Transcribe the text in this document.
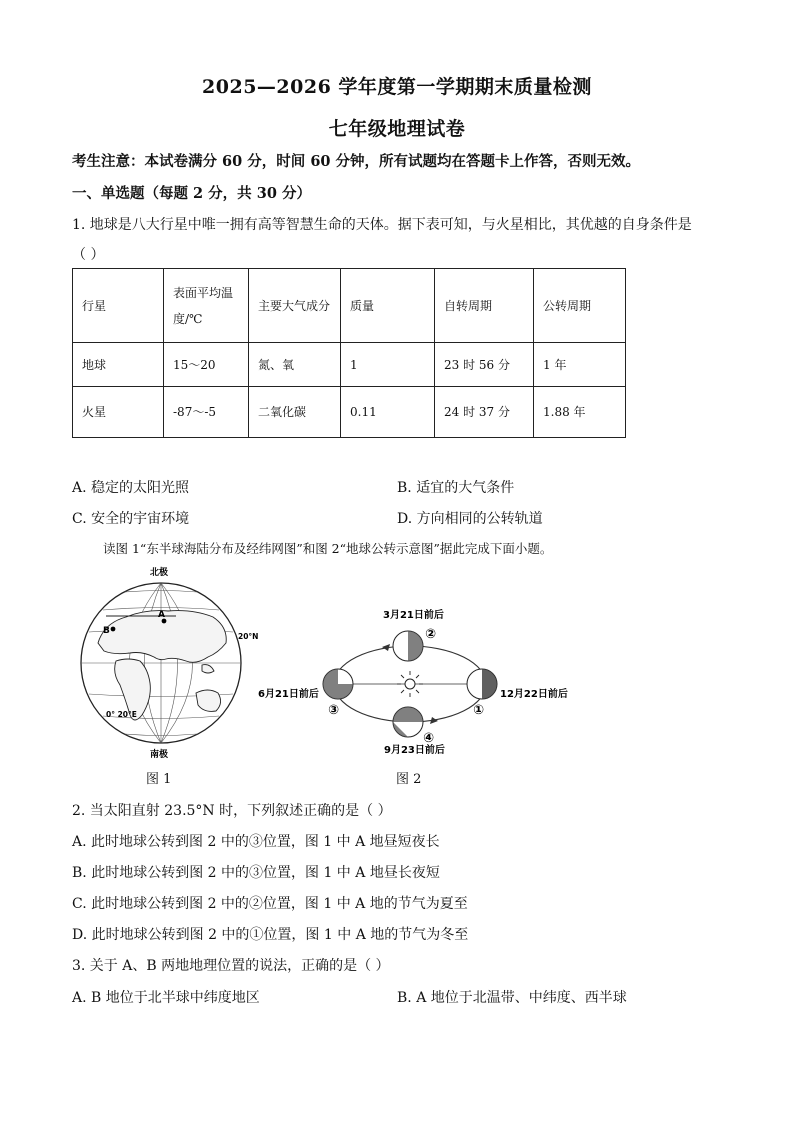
2025—2026 学年度第一学期期末质量检测
七年级地理试卷
考生注意：本试卷满分 60 分，时间 60 分钟，所有试题均在答题卡上作答，否则无效。
一、单选题（每题 2 分，共 30 分）
1. 地球是八大行星中唯一拥有高等智慧生命的天体。据下表可知，与火星相比，其优越的自身条件是
（ ）
行星	表面平均温度/℃	主要大气成分	质量	自转周期	公转周期
地球	15～20	氮、氧	1	23 时 56 分	1 年
火星	-87～-5	二氧化碳	0.11	24 时 37 分	1.88 年
A. 稳定的太阳光照	B. 适宜的大气条件
C. 安全的宇宙环境	D. 方向相同的公转轨道
读图 1“东半球海陆分布及经纬网图”和图 2“地球公转示意图”据此完成下面小题。
A
B
北极
南极
20°N
0° 20°E
图 1
3月21日前后
6月21日前后	12月22日前后
9月23日前后
②
③	①
④
图 2
2. 当太阳直射 23.5°N 时，下列叙述正确的是（ ）
A. 此时地球公转到图 2 中的③位置，图 1 中 A 地昼短夜长
B. 此时地球公转到图 2 中的③位置，图 1 中 A 地昼长夜短
C. 此时地球公转到图 2 中的②位置，图 1 中 A 地的节气为夏至
D. 此时地球公转到图 2 中的①位置，图 1 中 A 地的节气为冬至
3. 关于 A、B 两地地理位置的说法，正确的是（ ）
A. B 地位于北半球中纬度地区	B. A 地位于北温带、中纬度、西半球
